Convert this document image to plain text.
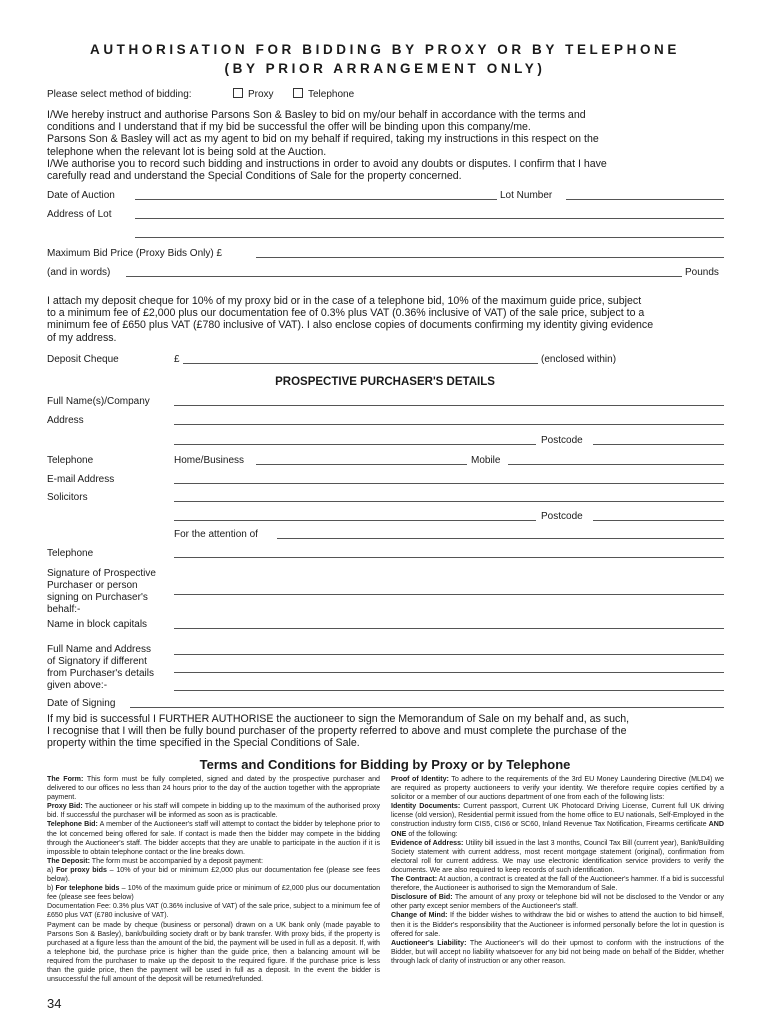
AUTHORISATION FOR BIDDING BY PROXY OR BY TELEPHONE
(BY PRIOR ARRANGEMENT ONLY)
Please select method of bidding:	Proxy	Telephone
I/We hereby instruct and authorise Parsons Son & Basley to bid on my/our behalf in accordance with the terms and
conditions and I understand that if my bid be successful the offer will be binding upon this company/me.
Parsons Son & Basley will act as my agent to bid on my behalf if required, taking my instructions in this respect on the
telephone when the relevant lot is being sold at the Auction.
I/We authorise you to record such bidding and instructions in order to avoid any doubts or disputes. I confirm that I have
carefully read and understand the Special Conditions of Sale for the property concerned.
Date of Auction	Lot Number
Address of Lot
Maximum Bid Price (Proxy Bids Only) £
(and in words)	Pounds
I attach my deposit cheque for 10% of my proxy bid or in the case of a telephone bid, 10% of the maximum guide price, subject
to a minimum fee of £2,000 plus our documentation fee of 0.3% plus VAT (0.36% inclusive of VAT) of the sale price, subject to a
minimum fee of £650 plus VAT (£780 inclusive of VAT). I also enclose copies of documents confirming my identity giving evidence
of my address.
Deposit Cheque	£	(enclosed within)
PROSPECTIVE PURCHASER'S DETAILS
Full Name(s)/Company
Address
Postcode
Telephone	Home/Business	Mobile
E-mail Address
Solicitors
Postcode
For the attention of
Telephone
Signature of Prospective
Purchaser or person
signing on Purchaser's
behalf:-
Name in block capitals
Full Name and Address
of Signatory if different
from Purchaser's details
given above:-
Date of Signing
If my bid is successful I FURTHER AUTHORISE the auctioneer to sign the Memorandum of Sale on my behalf and, as such,
I recognise that I will then be fully bound purchaser of the property referred to above and must complete the purchase of the
property within the time specified in the Special Conditions of Sale.
Terms and Conditions for Bidding by Proxy or by Telephone

The Form: This form must be fully completed, signed and dated by the prospective purchaser and delivered to our offices no less than 24 hours prior to the day of the auction together with the appropriate payment.

Proxy Bid: The auctioneer or his staff will compete in bidding up to the maximum of the authorised proxy bid. If successful the purchaser will be informed as soon as is practicable.

Telephone Bid: A member of the Auctioneer's staff will attempt to contact the bidder by telephone prior to the lot concerned being offered for sale. If contact is made then the bidder may compete in the bidding through the Auctioneer's staff. The bidder accepts that they are unable to participate in the auction if it is impossible to obtain telephone contact or the line breaks down.

The Deposit: The form must be accompanied by a deposit payment:

a) For proxy bids – 10% of your bid or minimum £2,000 plus our documentation fee (please see fees below).

b) For telephone bids – 10% of the maximum guide price or minimum of £2,000 plus our documentation fee (please see fees below)

Documentation Fee: 0.3% plus VAT (0.36% inclusive of VAT) of the sale price, subject to a minimum fee of £650 plus VAT (£780 inclusive of VAT).

Payment can be made by cheque (business or personal) drawn on a UK bank only (made payable to Parsons Son & Basley), bank/building society draft or by bank transfer. With proxy bids, if the property is purchased at a figure less than the amount of the bid, the payment will be used in full as a deposit. If, with a telephone bid, the purchase price is higher than the guide price, then a balancing amount will be required from the purchaser to make up the deposit to the required figure. If the purchase price is less than the guide price, then the payment will be used in full as a deposit. In the event the bidder is unsuccessful the full amount of the deposit will be returned/refunded.

Proof of Identity: To adhere to the requirements of the 3rd EU Money Laundering Directive (MLD4) we are required as property auctioneers to verify your identity. We therefore require copies certified by a solicitor or a member of our auctions department of one from each of the following lists:

Identity Documents: Current passport, Current UK Photocard Driving License, Current full UK driving license (old version), Residential permit issued from the home office to EU nationals, Self-Employed in the construction industry form CIS5, CIS6 or SC60, Inland Revenue Tax Notification, Firearms certificate AND ONE of the following:

Evidence of Address: Utility bill issued in the last 3 months, Council Tax Bill (current year), Bank/Building Society statement with current address, most recent mortgage statement (original), confirmation from electoral roll for current address. We may use electronic identification service providers to verify the documents. We are also required to keep records of such identification.

The Contract: At auction, a contract is created at the fall of the Auctioneer's hammer. If a bid is successful therefore, the Auctioneer is authorised to sign the Memorandum of Sale.

Disclosure of Bid: The amount of any proxy or telephone bid will not be disclosed to the Vendor or any other party except senior members of the Auctioneer's staff.

Change of Mind: If the bidder wishes to withdraw the bid or wishes to attend the auction to bid himself, then it is the Bidder's responsibility that the Auctioneer is informed personally before the lot in question is offered for sale.

Auctioneer's Liability: The Auctioneer's will do their upmost to conform with the instructions of the Bidder, but will accept no liability whatsoever for any bid not being made on behalf of the Bidder, whether through lack of clarity of instruction or any other reason.

34
